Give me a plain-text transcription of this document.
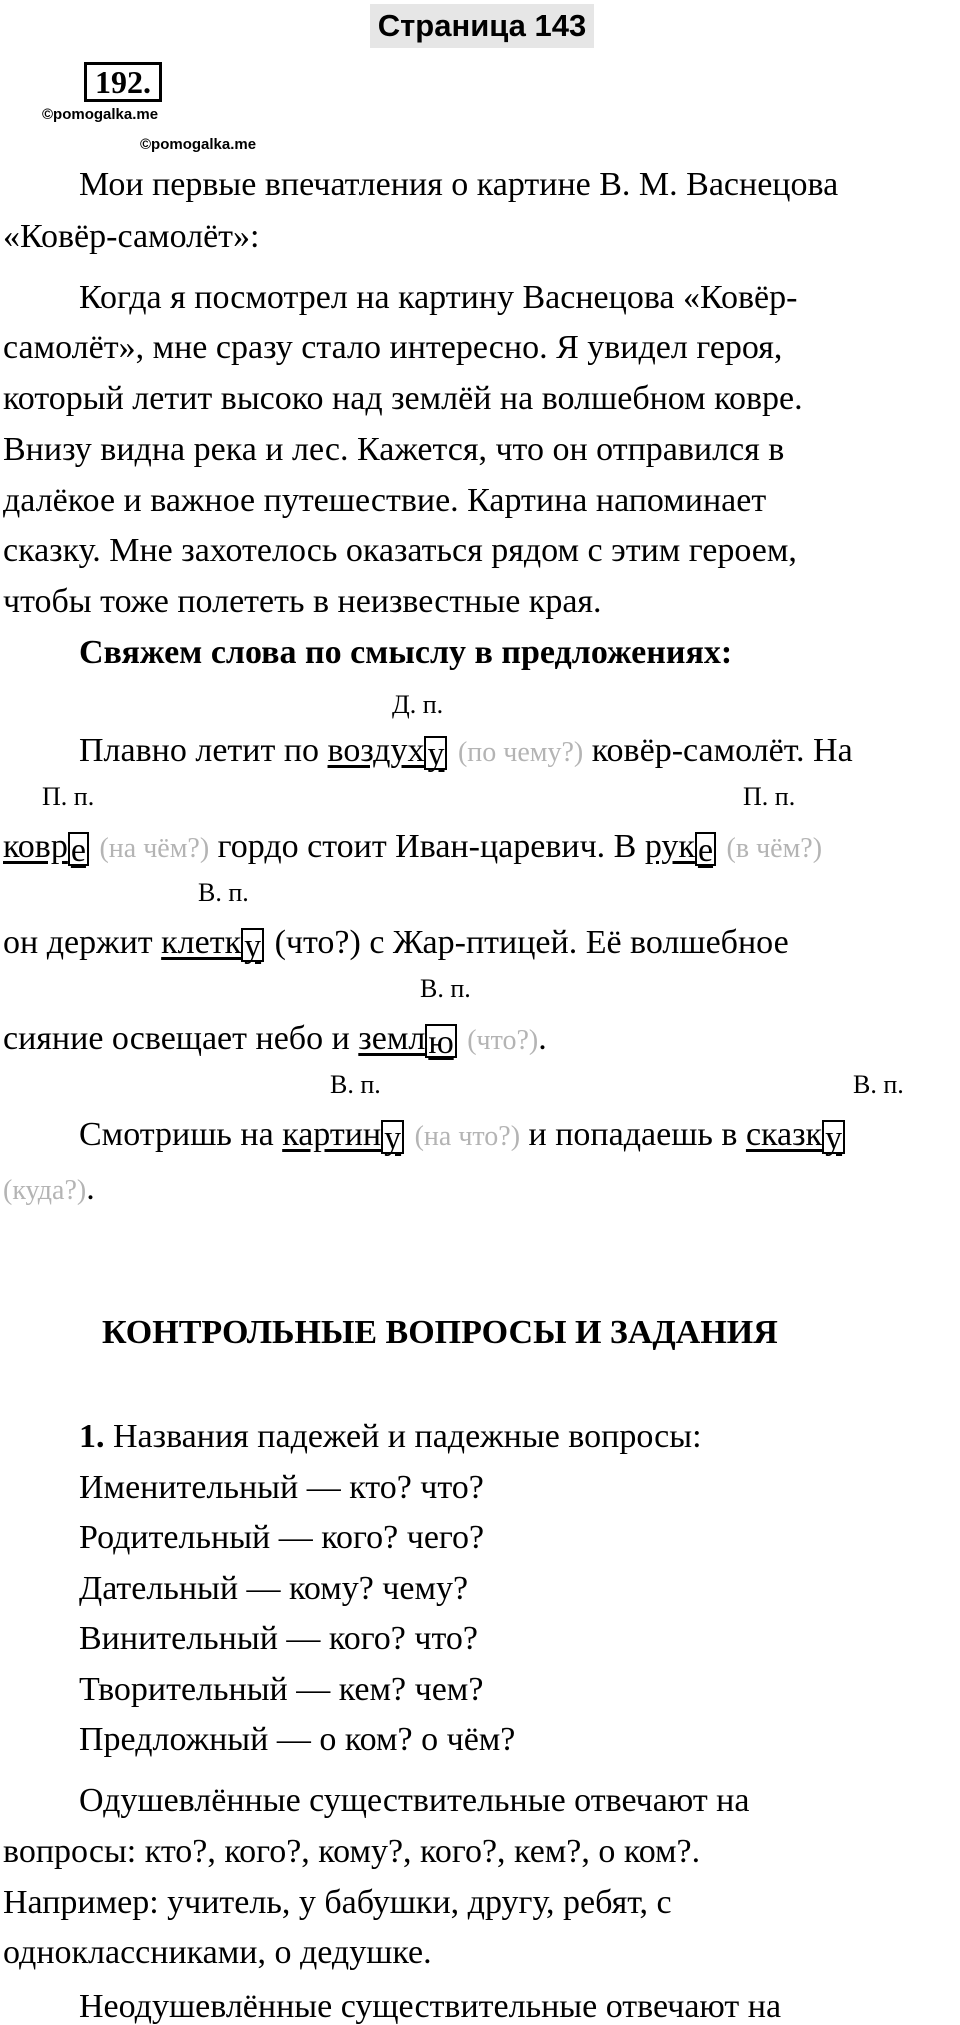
Страница 143
192.
©pomogalka.me
©pomogalka.me
Мои первые впечатления о картине В. М. Васнецова
«Ковёр-самолёт»:
Когда я посмотрел на картину Васнецова «Ковёр-
самолёт», мне сразу стало интересно. Я увидел героя,
который летит высоко над землёй на волшебном ковре.
Внизу видна река и лес. Кажется, что он отправился в
далёкое и важное путешествие. Картина напоминает
сказку. Мне захотелось оказаться рядом с этим героем,
чтобы тоже полететь в неизвестные края.
Свяжем слова по смыслу в предложениях:
Д. п.
П. п.	П. п.
В. п.
В. п.
В. п.	В. п.
Плавно летит по воздуху (по чему?) ковёр-самолёт. На
ковре (на чём?) гордо стоит Иван-царевич. В руке (в чём?)
он держит клетку (что?) с Жар-птицей. Её волшебное
сияние освещает небо и землю (что?).
Смотришь на картину (на что?) и попадаешь в сказку
(куда?).
КОНТРОЛЬНЫЕ ВОПРОСЫ И ЗАДАНИЯ
1. Названия падежей и падежные вопросы:
Именительный — кто? что?
Родительный — кого? чего?
Дательный — кому? чему?
Винительный — кого? что?
Творительный — кем? чем?
Предложный — о ком? о чём?
Одушевлённые существительные отвечают на
вопросы: кто?, кого?, кому?, кого?, кем?, о ком?.
Например: учитель, у бабушки, другу, ребят, с
одноклассниками, о дедушке.
Неодушевлённые существительные отвечают на
